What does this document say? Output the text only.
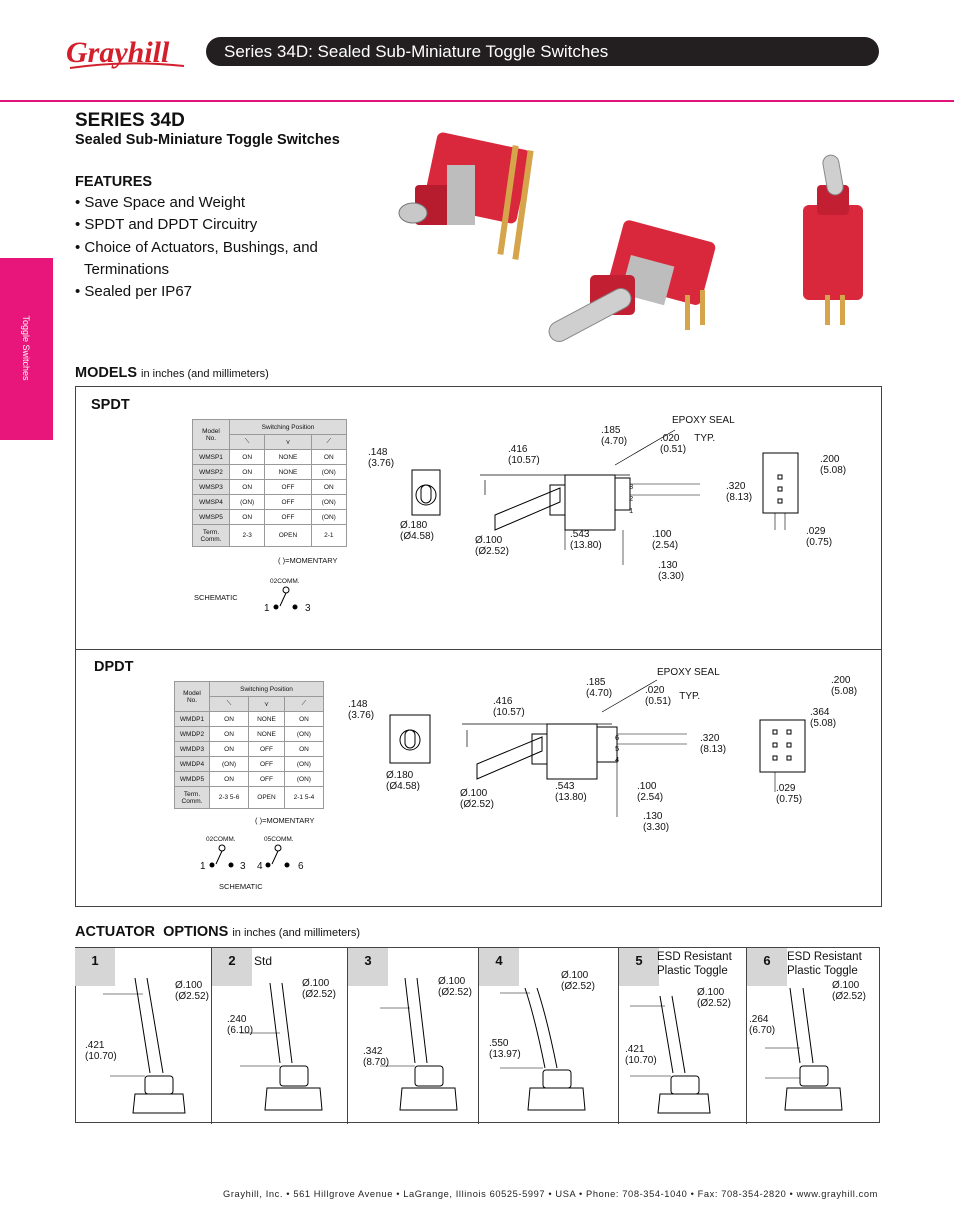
Grayhill	Series 34D: Sealed Sub-Miniature Toggle Switches
Toggle Switches
SERIES 34D
Sealed Sub-Miniature Toggle Switches
FEATURES
• Save Space and Weight
• SPDT and DPDT Circuitry
• Choice of Actuators, Bushings, and
Terminations
• Sealed per IP67
MODELS in inches (and millimeters)
SPDT
Model
No.	Switching Position		
	⟍	⋎	⟋
WMSP1	ON	NONE	ON
WMSP2	ON	NONE	(ON)
WMSP3	ON	OFF	ON
WMSP4	(ON)	OFF	(ON)
WMSP5	ON	OFF	(ON)
Term. Comm.	2-3	OPEN	2-1
( )=MOMENTARY
02COMM.
SCHEMATIC
1	3
.148
(3.76)
Ø.180
(Ø4.58)
3
2
1
.416
(10.57)
.185
(4.70)
EPOXY SEAL
.020 TYP.
(0.51)
Ø.100
(Ø2.52)
.543
(13.80)
.100
(2.54)
.130
(3.30)
.320
(8.13)
.200
(5.08)
.029
(0.75)
DPDT
Model
No.	Switching Position		
	⟍	⋎	⟋
WMDP1	ON	NONE	ON
WMDP2	ON	NONE	(ON)
WMDP3	ON	OFF	ON
WMDP4	(ON)	OFF	(ON)
WMDP5	ON	OFF	(ON)
Term. Comm.	2-3 5-6	OPEN	2-1 5-4
( )=MOMENTARY
02COMM.	05COMM.
1	3 4	6
SCHEMATIC
.148
(3.76)
Ø.180
(Ø4.58)
6
5
4
.416
(10.57)
.185
(4.70)
EPOXY SEAL
.020 TYP.
(0.51)
Ø.100
(Ø2.52)
.543
(13.80)
.100
(2.54)
.130
(3.30)
.320
(8.13)
.200
(5.08)
.364
(5.08)
.029
(0.75)
ACTUATOR  OPTIONS in inches (and millimeters)
1
Ø.100
(Ø2.52)
.421
(10.70)
2	Std
Ø.100
(Ø2.52)
.240
(6.10)
3
Ø.100
(Ø2.52)
.342
(8.70)
4
Ø.100
(Ø2.52)
.550
(13.97)
5	ESD Resistant Plastic Toggle
Ø.100
(Ø2.52)
.421
(10.70)
6	ESD Resistant Plastic Toggle
Ø.100
(Ø2.52)
.264
(6.70)
Grayhill, Inc. • 561 Hillgrove Avenue • LaGrange, Illinois 60525-5997 • USA • Phone: 708-354-1040 • Fax: 708-354-2820 • www.grayhill.com
